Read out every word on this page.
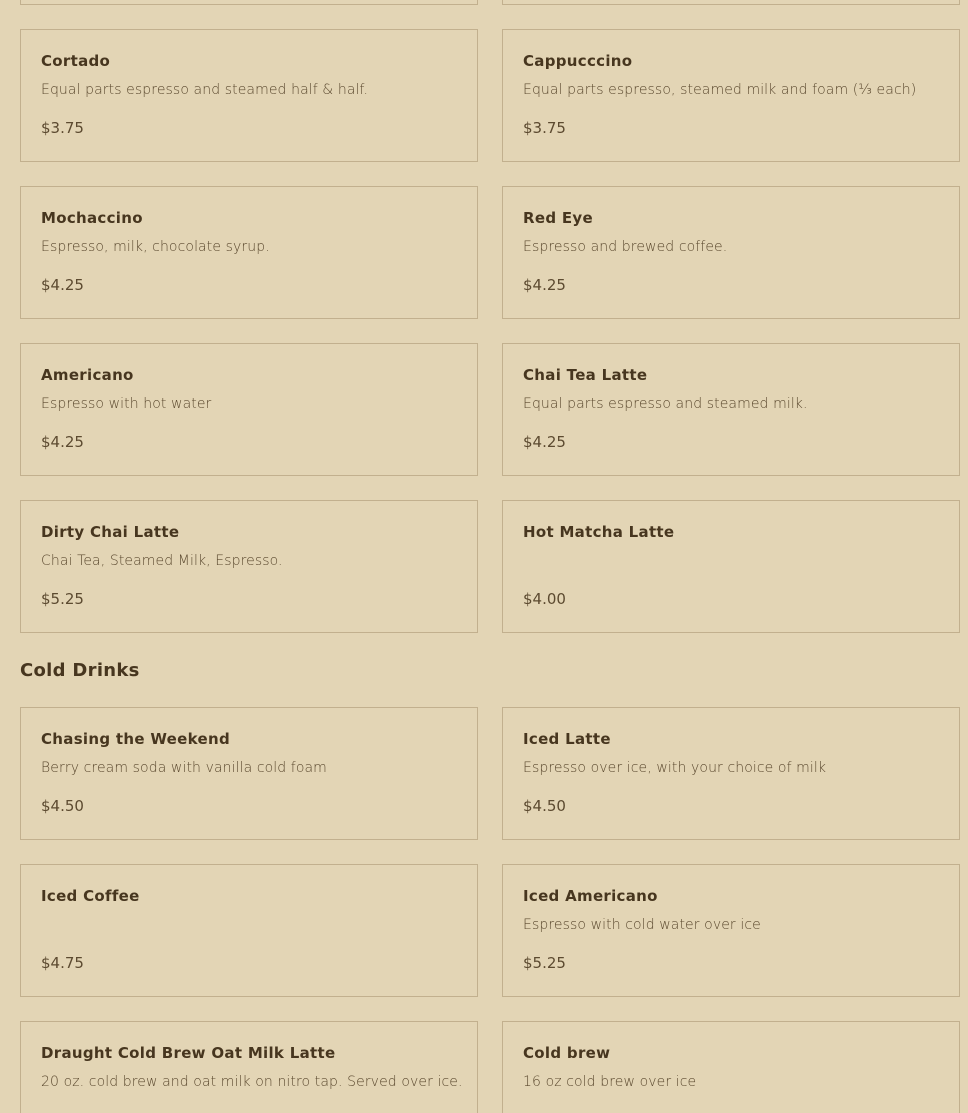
Cortado
Equal parts espresso and steamed half & half.
$3.75
Cappucccino
Equal parts espresso, steamed milk and foam (⅓ each)
$3.75
Mochaccino
Espresso, milk, chocolate syrup.
$4.25
Red Eye
Espresso and brewed coffee.
$4.25
Americano
Espresso with hot water
$4.25
Chai Tea Latte
Equal parts espresso and steamed milk.
$4.25
Dirty Chai Latte
Chai Tea, Steamed Milk, Espresso.
$5.25
Hot Matcha Latte
$4.00
Cold Drinks
Chasing the Weekend
Berry cream soda with vanilla cold foam
$4.50
Iced Latte
Espresso over ice, with your choice of milk
$4.50
Iced Coffee
$4.75
Iced Americano
Espresso with cold water over ice
$5.25
Draught Cold Brew Oat Milk Latte
20 oz. cold brew and oat milk on nitro tap. Served over ice.
Cold brew
16 oz cold brew over ice
